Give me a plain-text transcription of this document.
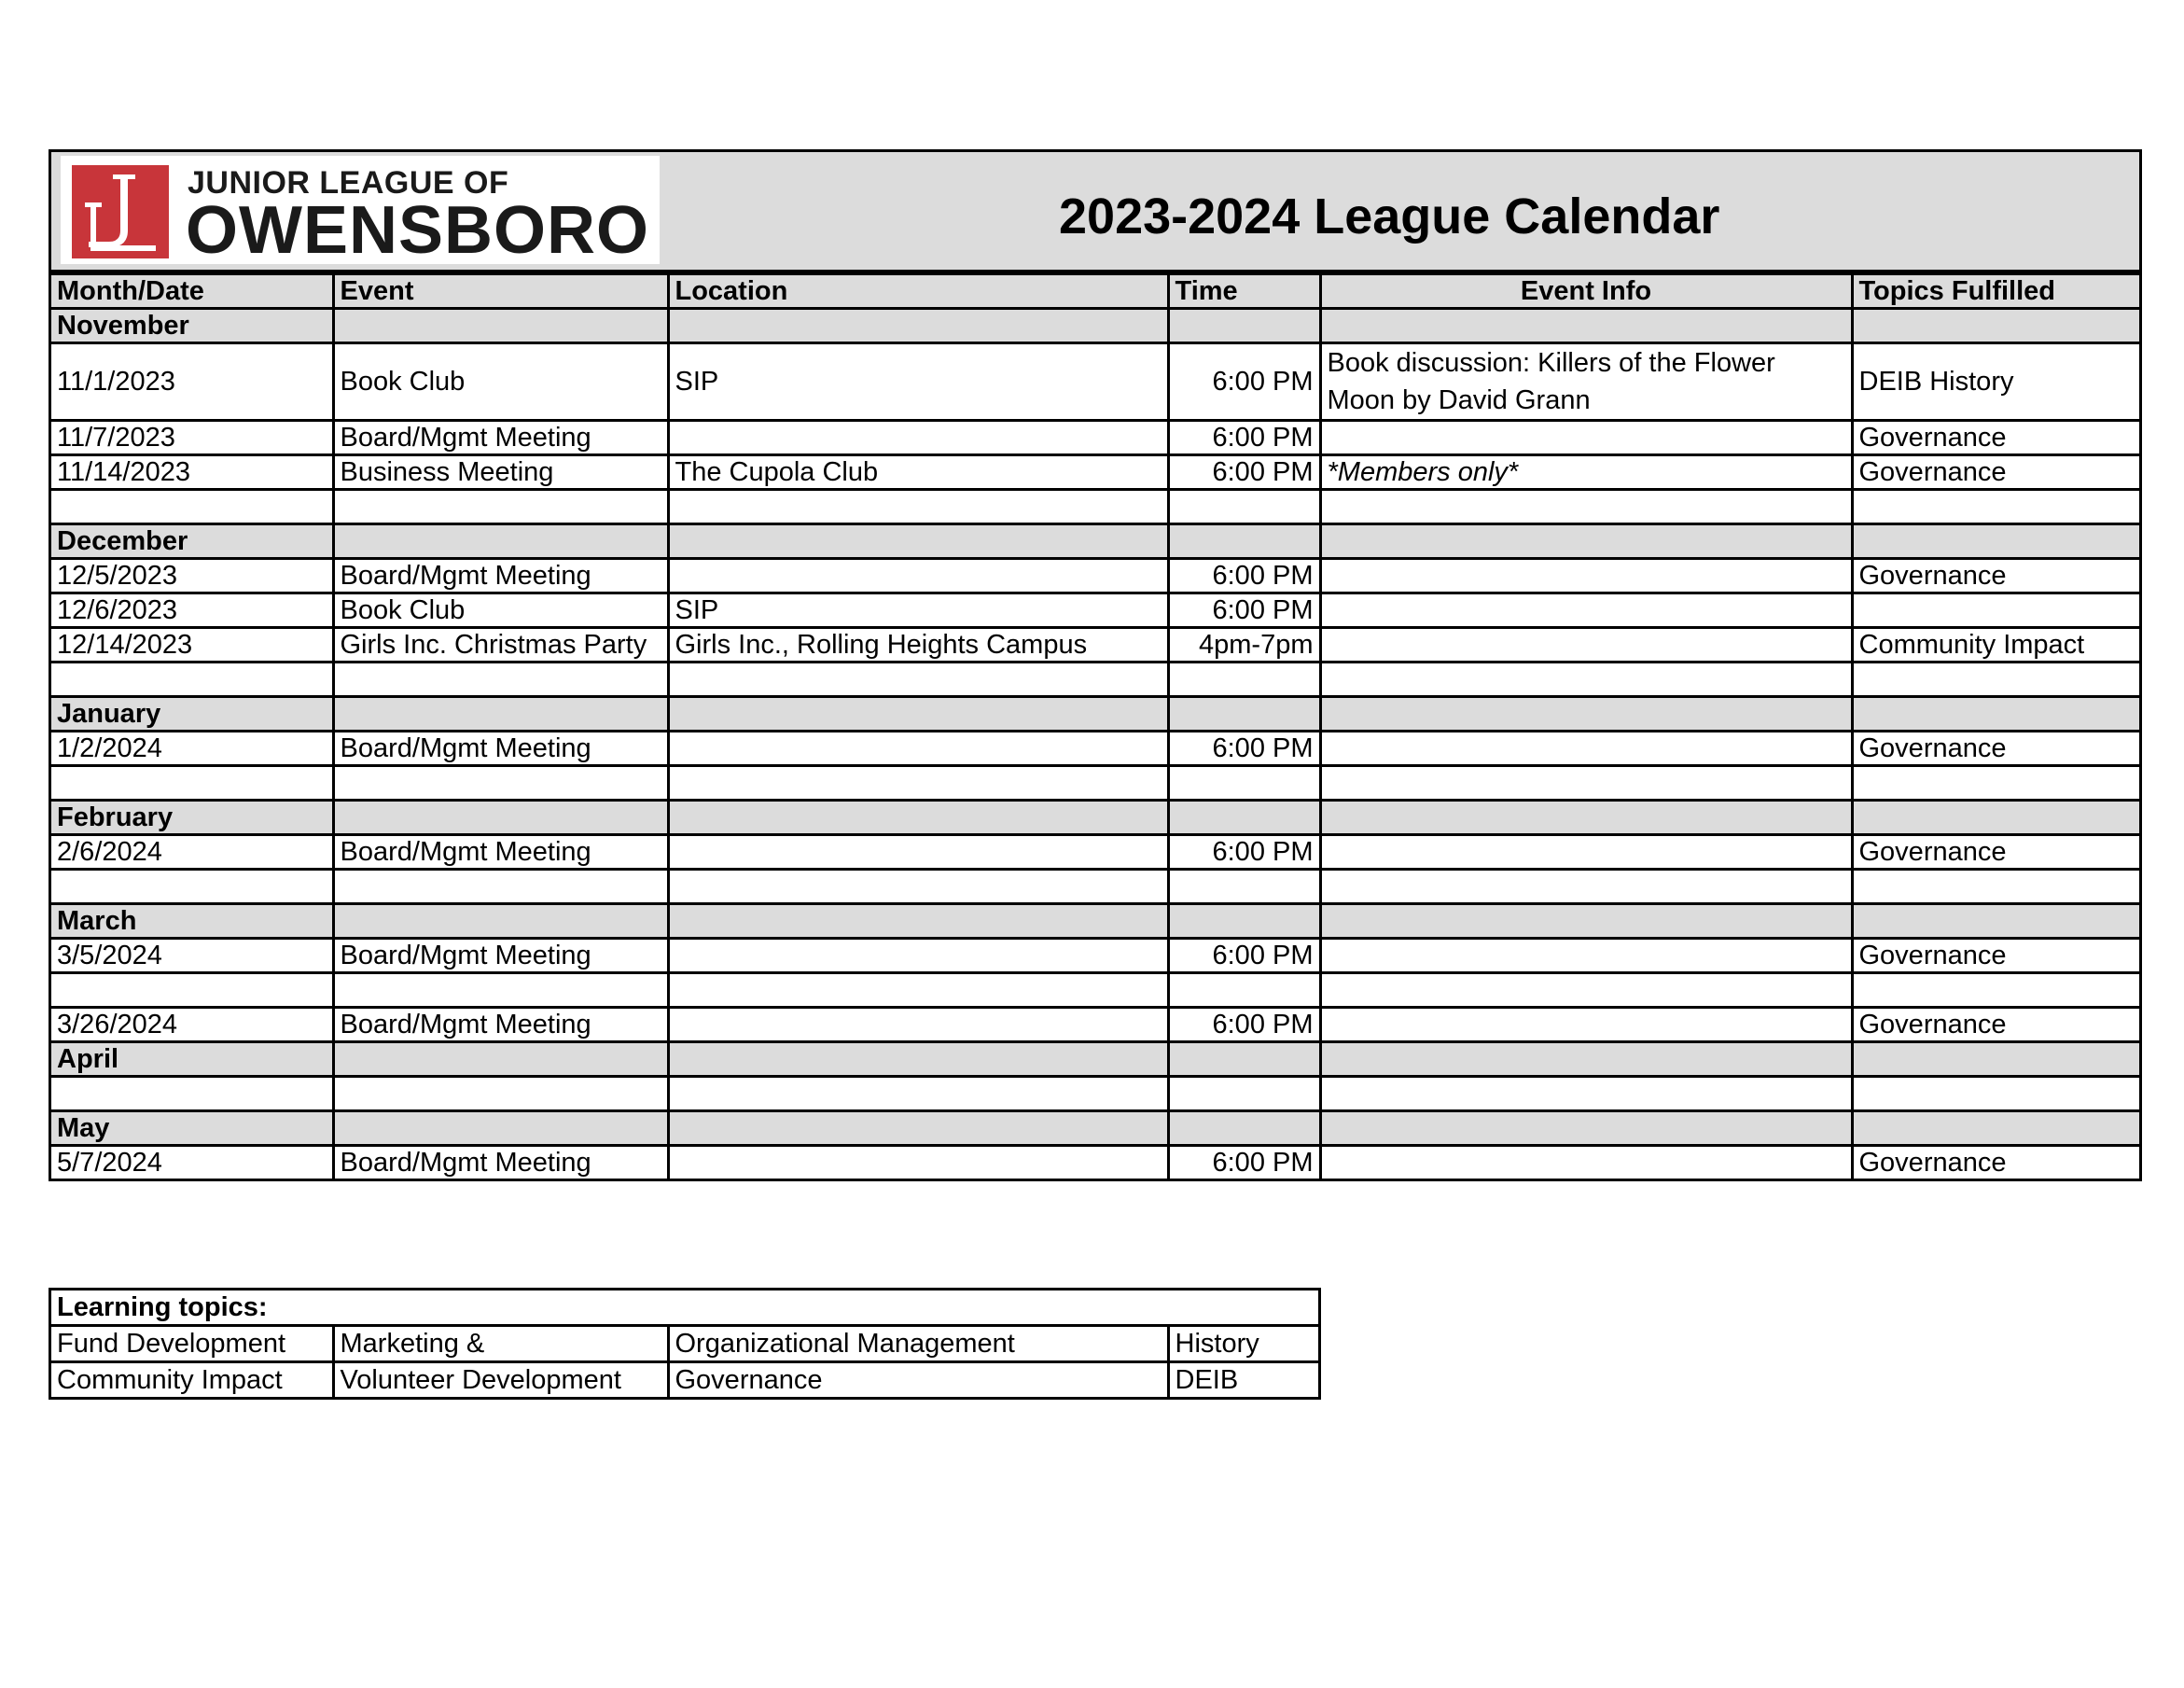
JUNIOR LEAGUE OF
OWENSBORO	2023-2024 League Calendar
Month/Date	Event	Location	Time	Event Info	Topics Fulfilled
November					
11/1/2023	Book Club	SIP	6:00 PM	Book discussion: Killers of the Flower Moon by David Grann	DEIB History
11/7/2023	Board/Mgmt Meeting		6:00 PM		Governance
11/14/2023	Business Meeting	The Cupola Club	6:00 PM	*Members only*	Governance

December					
12/5/2023	Board/Mgmt Meeting		6:00 PM		Governance
12/6/2023	Book Club	SIP	6:00 PM		
12/14/2023	Girls Inc. Christmas Party	Girls Inc., Rolling Heights Campus	4pm-7pm		Community Impact

January					
1/2/2024	Board/Mgmt Meeting		6:00 PM		Governance

February					
2/6/2024	Board/Mgmt Meeting		6:00 PM		Governance

March					
3/5/2024	Board/Mgmt Meeting		6:00 PM		Governance

3/26/2024	Board/Mgmt Meeting		6:00 PM		Governance
April					

May					
5/7/2024	Board/Mgmt Meeting		6:00 PM		Governance
Learning topics:			
Fund Development	Marketing &	Organizational Management	History
Community Impact	Volunteer Development	Governance	DEIB
